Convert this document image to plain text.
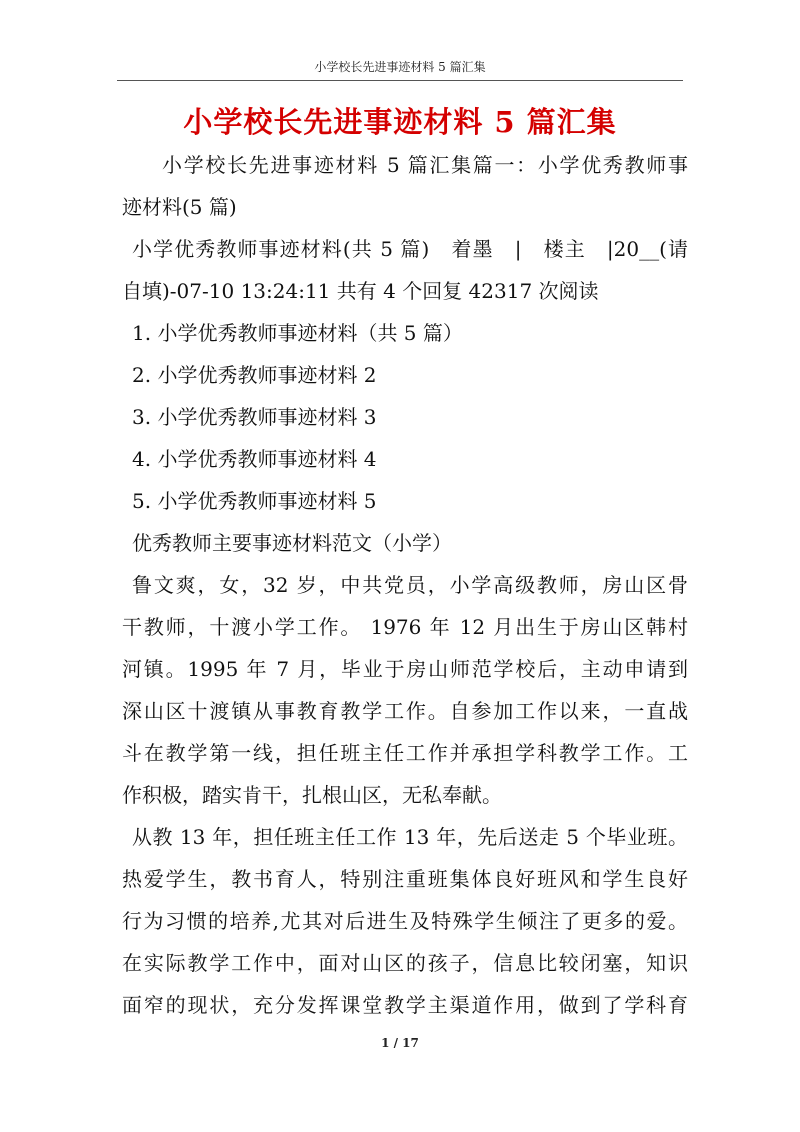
小学校长先进事迹材料 5 篇汇集
小学校长先进事迹材料 5 篇汇集
小学校长先进事迹材料 5 篇汇集篇一：小学优秀教师事
迹材料(5 篇)
小学优秀教师事迹材料(共 5 篇)　着墨　|　楼主　|20__(请
自填)-07-10 13:24:11 共有 4 个回复 42317 次阅读
1. 小学优秀教师事迹材料（共 5 篇）
2. 小学优秀教师事迹材料 2
3. 小学优秀教师事迹材料 3
4. 小学优秀教师事迹材料 4
5. 小学优秀教师事迹材料 5
优秀教师主要事迹材料范文（小学）
鲁文爽，女，32 岁，中共党员，小学高级教师，房山区骨
干教师，十渡小学工作。 1976 年 12 月出生于房山区韩村
河镇。1995 年 7 月，毕业于房山师范学校后，主动申请到
深山区十渡镇从事教育教学工作。自参加工作以来，一直战
斗在教学第一线，担任班主任工作并承担学科教学工作。工
作积极，踏实肯干，扎根山区，无私奉献。
从教 13 年，担任班主任工作 13 年，先后送走 5 个毕业班。
热爱学生，教书育人，特别注重班集体良好班风和学生良好
行为习惯的培养,尤其对后进生及特殊学生倾注了更多的爱。
在实际教学工作中，面对山区的孩子，信息比较闭塞，知识
面窄的现状，充分发挥课堂教学主渠道作用，做到了学科育
1 / 17
